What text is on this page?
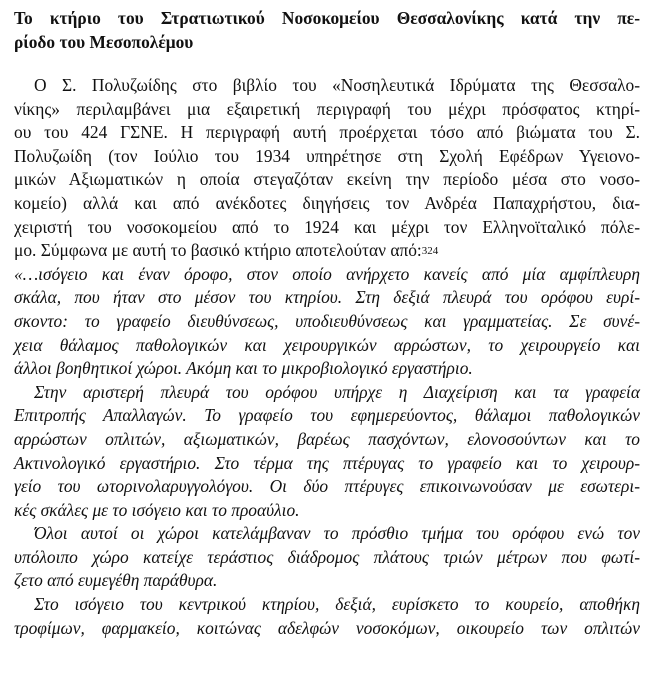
Το κτήριο του Στρατιωτικού Νοσοκομείου Θεσσαλονίκης κατά την πε-
ρίοδο του Μεσοπολέμου
Ο Σ. Πολυζωίδης στο βιβλίο του «Νοσηλευτικά Ιδρύματα της Θεσσαλο-
νίκης» περιλαμβάνει μια εξαιρετική περιγραφή του μέχρι πρόσφατος κτηρί-
ου του 424 ΓΣΝΕ. Η περιγραφή αυτή προέρχεται τόσο από βιώματα του Σ.
Πολυζωίδη (τον Ιούλιο του 1934 υπηρέτησε στη Σχολή Εφέδρων Υγειονο-
μικών Αξιωματικών η οποία στεγαζόταν εκείνη την περίοδο μέσα στο νοσο-
κομείο) αλλά και από ανέκδοτες διηγήσεις τον Ανδρέα Παπαχρήστου, δια-
χειριστή του νοσοκομείου από το 1924 και μέχρι τον Ελληνοϊταλικό πόλε-
μο. Σύμφωνα με αυτή το βασικό κτήριο αποτελούταν από:$^{324}$
«…ισόγειο και έναν όροφο, στον οποίο ανήρχετο κανείς από μία αμφίπλευρη
σκάλα, που ήταν στο μέσον του κτηρίου. Στη δεξιά πλευρά του ορόφου ευρί-
σκοντο: το γραφείο διευθύνσεως, υποδιευθύνσεως και γραμματείας. Σε συνέ-
χεια θάλαμος παθολογικών και χειρουργικών αρρώστων, το χειρουργείο και
άλλοι βοηθητικοί χώροι. Ακόμη και το μικροβιολογικό εργαστήριο.
Στην αριστερή πλευρά του ορόφου υπήρχε η Διαχείριση και τα γραφεία
Επιτροπής Απαλλαγών. Το γραφείο του εφημερεύοντος, θάλαμοι παθολογικών
αρρώστων οπλιτών, αξιωματικών, βαρέως πασχόντων, ελονοσούντων και το
Ακτινολογικό εργαστήριο. Στο τέρμα της πτέρυγας το γραφείο και το χειρουρ-
γείο του ωτορινολαρυγγολόγου. Οι δύο πτέρυγες επικοινωνούσαν με εσωτερι-
κές σκάλες με το ισόγειο και το προαύλιο.
Όλοι αυτοί οι χώροι κατελάμβαναν το πρόσθιο τμήμα του ορόφου ενώ τον
υπόλοιπο χώρο κατείχε τεράστιος διάδρομος πλάτους τριών μέτρων που φωτί-
ζετο από ευμεγέθη παράθυρα.
Στο ισόγειο του κεντρικού κτηρίου, δεξιά, ευρίσκετο το κουρείο, αποθήκη
τροφίμων, φαρμακείο, κοιτώνας αδελφών νοσοκόμων, οικουρείο των οπλιτών
